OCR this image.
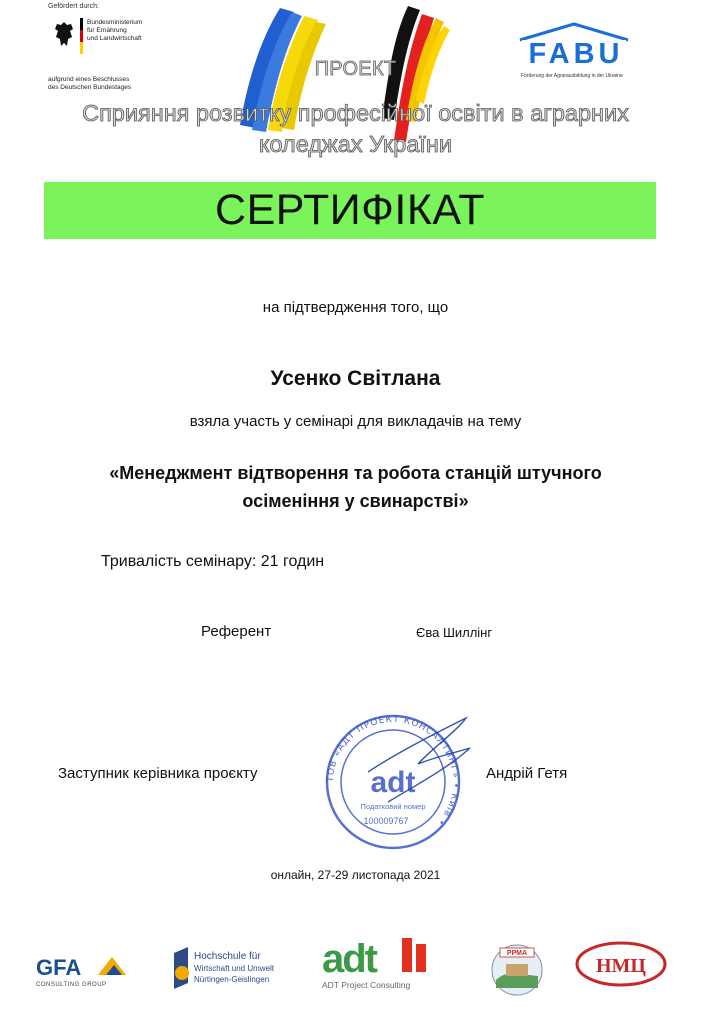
Gefördert durch:
Bundesministerium
für Ernährung
und Landwirtschaft
aufgrund eines Beschlusses
des Deutschen Bundestages
FABU
Förderung der Agrarausbildung in der Ukraine
ПРОЕКТ
Сприяння розвитку професійної освіти в аграрних
коледжах України
СЕРТИФІКАТ
на підтвердження того, що
Усенко Світлана
взяла участь у семінарі для викладачів на тему
«Менеджмент відтворення та робота станцій штучного
осіменіння у свинарстві»
Тривалість семінару: 21 годин
Референт	Єва Шиллінг
Заступник керівника проєкту	Андрій Гетя
ТОВ «АДТ ПРОЕКТ КОНСАЛТИНГ» • Київ •
adt
Податковий номер
100009767
онлайн, 27-29 листопада 2021
GFA
CONSULTING GROUP
Hochschule für
Wirtschaft und Umwelt
Nürtingen-Geislingen adt
ADT Project Consulting
РРМА
НМЦ
